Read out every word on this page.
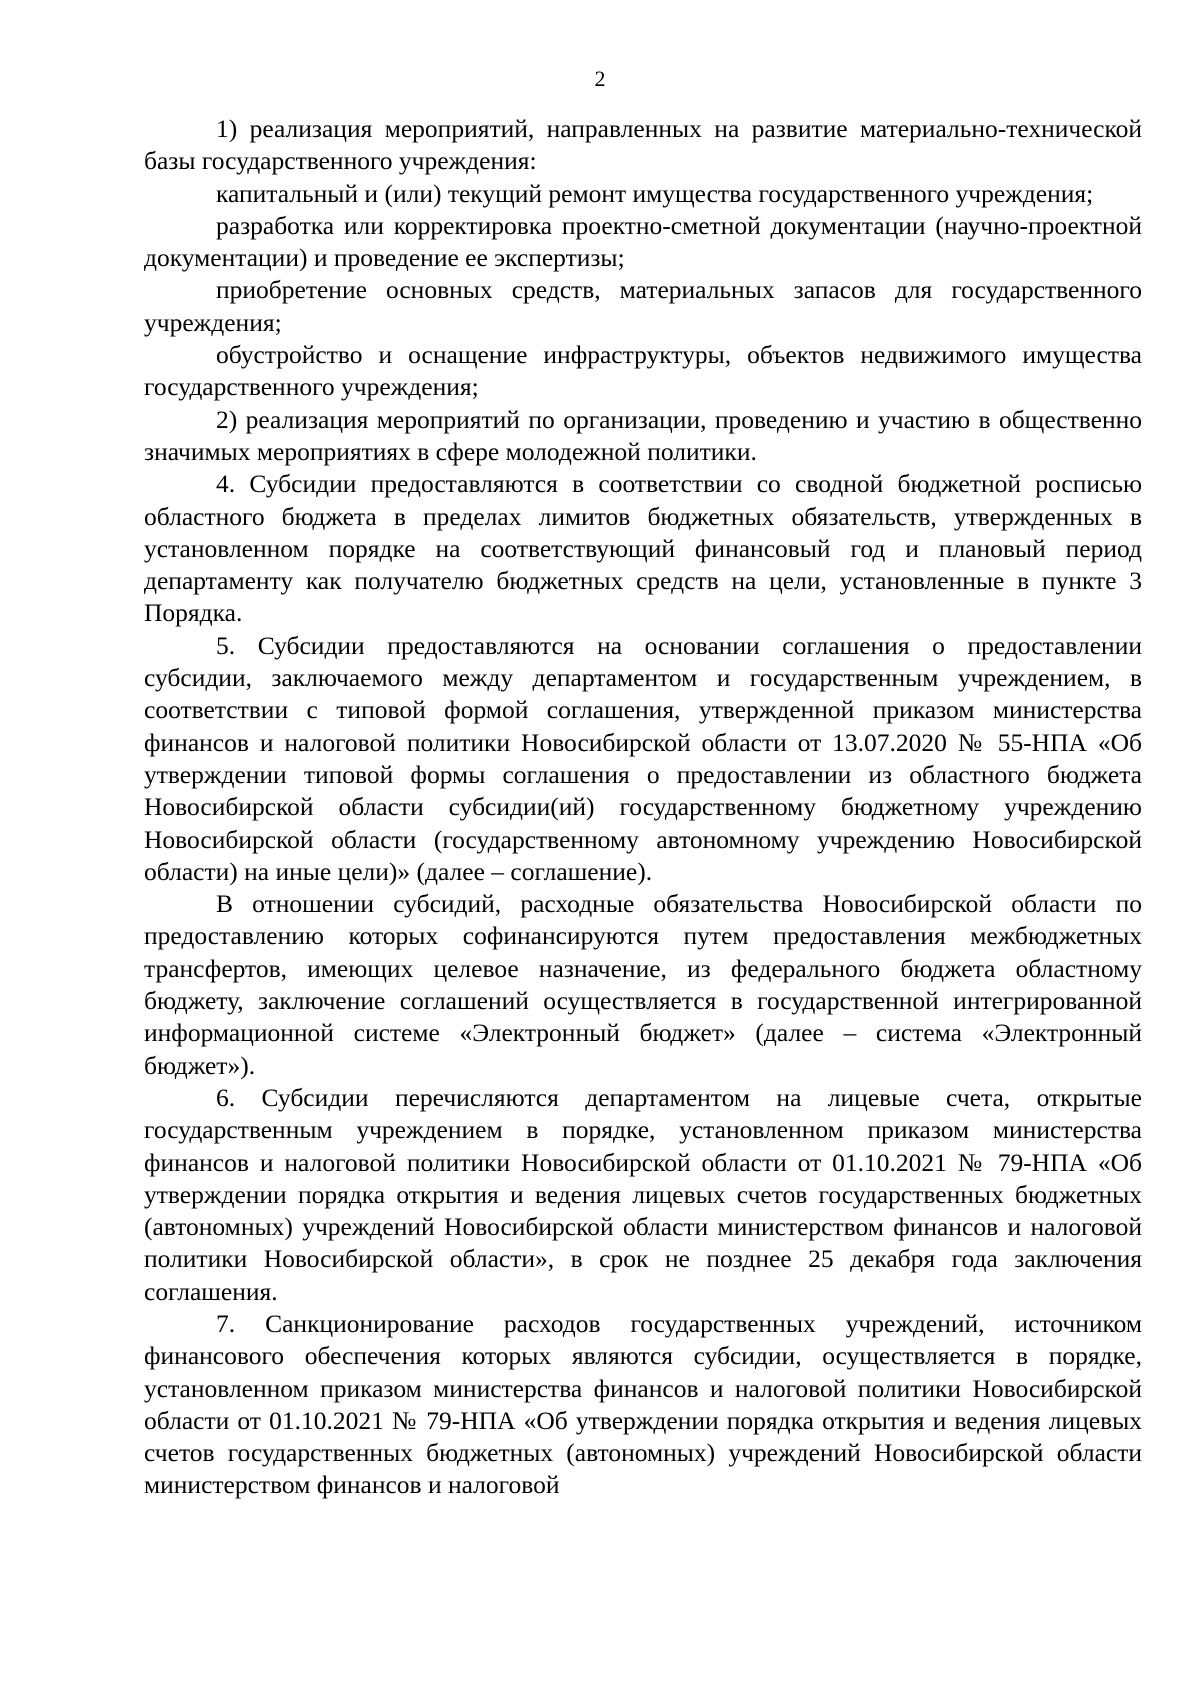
2

1) реализация мероприятий, направленных на развитие материально-технической базы государственного учреждения:

капитальный и (или) текущий ремонт имущества государственного учреждения;

разработка или корректировка проектно-сметной документации (научно-проектной документации) и проведение ее экспертизы;

приобретение основных средств, материальных запасов для государственного учреждения;

обустройство и оснащение инфраструктуры, объектов недвижимого имущества государственного учреждения;

2) реализация мероприятий по организации, проведению и участию в общественно значимых мероприятиях в сфере молодежной политики.

4. Субсидии предоставляются в соответствии со сводной бюджетной росписью областного бюджета в пределах лимитов бюджетных обязательств, утвержденных в установленном порядке на соответствующий финансовый год и плановый период департаменту как получателю бюджетных средств на цели, установленные в пункте 3 Порядка.

5. Субсидии предоставляются на основании соглашения о предоставлении субсидии, заключаемого между департаментом и государственным учреждением, в соответствии с типовой формой соглашения, утвержденной приказом министерства финансов и налоговой политики Новосибирской области от 13.07.2020 № 55-НПА «Об утверждении типовой формы соглашения о предоставлении из областного бюджета Новосибирской области субсидии(ий) государственному бюджетному учреждению Новосибирской области (государственному автономному учреждению Новосибирской области) на иные цели)» (далее – соглашение).

В отношении субсидий, расходные обязательства Новосибирской области по предоставлению которых софинансируются путем предоставления межбюджетных трансфертов, имеющих целевое назначение, из федерального бюджета областному бюджету, заключение соглашений осуществляется в государственной интегрированной информационной системе «Электронный бюджет» (далее – система «Электронный бюджет»).

6. Субсидии перечисляются департаментом на лицевые счета, открытые государственным учреждением в порядке, установленном приказом министерства финансов и налоговой политики Новосибирской области от 01.10.2021 № 79-НПА «Об утверждении порядка открытия и ведения лицевых счетов государственных бюджетных (автономных) учреждений Новосибирской области министерством финансов и налоговой политики Новосибирской области», в срок не позднее 25 декабря года заключения соглашения.

7. Санкционирование расходов государственных учреждений, источником финансового обеспечения которых являются субсидии, осуществляется в порядке, установленном приказом министерства финансов и налоговой политики Новосибирской области от 01.10.2021 № 79-НПА «Об утверждении порядка открытия и ведения лицевых счетов государственных бюджетных (автономных) учреждений Новосибирской области министерством финансов и налоговой
